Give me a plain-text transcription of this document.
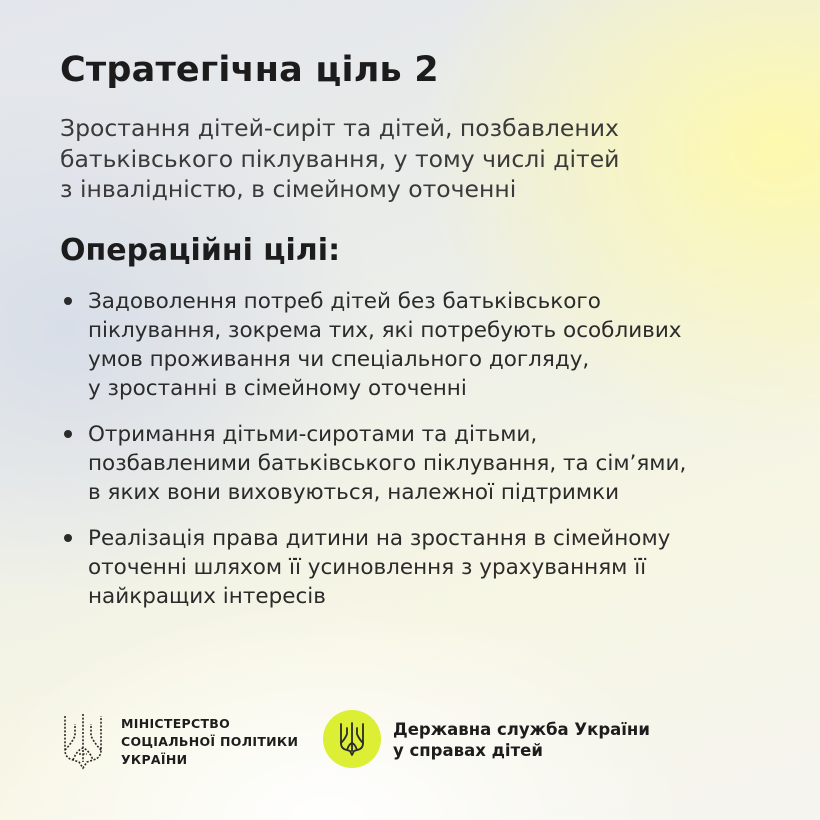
Стратегічна ціль 2
Зростання дітей-сиріт та дітей, позбавлених
батьківського піклування, у тому числі дітей
з інвалідністю, в сімейному оточенні
Операційні цілі:
Задоволення потреб дітей без батьківського
піклування, зокрема тих, які потребують особливих
умов проживання чи спеціального догляду,
у зростанні в сімейному оточенні
Отримання дітьми-сиротами та дітьми,
позбавленими батьківського піклування, та сім’ями,
в яких вони виховуються, належної підтримки
Реалізація права дитини на зростання в сімейному
оточенні шляхом її усиновлення з урахуванням її
найкращих інтересів
МІНІСТЕРСТВО
СОЦІАЛЬНОЇ ПОЛІТИКИ
УКРАЇНИ
Державна служба України
у справах дітей
